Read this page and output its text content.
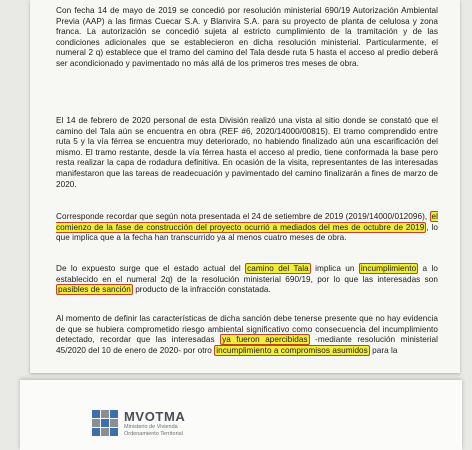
Con fecha 14 de mayo de 2019 se concedió por resolución ministerial 690/19 Autorización Ambiental Previa (AAP) a las firmas Cuecar S.A. y Blanvira S.A. para su proyecto de planta de celulosa y zona franca. La autorización se concedió sujeta al estricto cumplimiento de la tramitación y de las condiciones adicionales que se establecieron en dicha resolución ministerial. Particularmente, el numeral 2 q) establece que el tramo del camino del Tala desde ruta 5 hasta el acceso al predio deberá ser acondicionado y pavimentado no más allá de los primeros tres meses de obra.

El 14 de febrero de 2020 personal de esta División realizó una vista al sitio donde se constató que el camino del Tala aún se encuentra en obra (REF #6, 2020/14000/00815). El tramo comprendido entre ruta 5 y la vía férrea se encuentra muy deteriorado, no habiendo finalizado aún una escarificación del mismo. El tramo restante, desde la vía férrea hasta el acceso al predio, tiene conformada la base pero resta realizar la capa de rodadura definitiva. En ocasión de la visita, representantes de las interesadas manifestaron que las tareas de readecuación y pavimentado del camino finalizarán a fines de marzo de 2020.

Corresponde recordar que según nota presentada el 24 de setiembre de 2019 (2019/14000/012096), el comienzo de la fase de construcción del proyecto ocurrió a mediados del mes de octubre de 2019 , lo que implica que a la fecha han transcurrido ya al menos cuatro meses de obra.

De lo expuesto surge que el estado actual del camino del Tala implica un incumplimiento a lo establecido en el numeral 2q) de la resolución ministerial 690/19, por lo que las interesadas son pasibles de sanción producto de la infracción constatada.

Al momento de definir las características de dicha sanción debe tenerse presente que no hay evidencia de que se hubiera comprometido riesgo ambiental significativo como consecuencia del incumplimiento detectado, recordar que las interesadas ya fueron apercibidas -mediante resolución ministerial 45/2020 del 10 de enero de 2020- por otro incumplimiento a compromisos asumidos para la

MVOTMA
Ministerio de Vivienda
Ordenamiento Territorial
